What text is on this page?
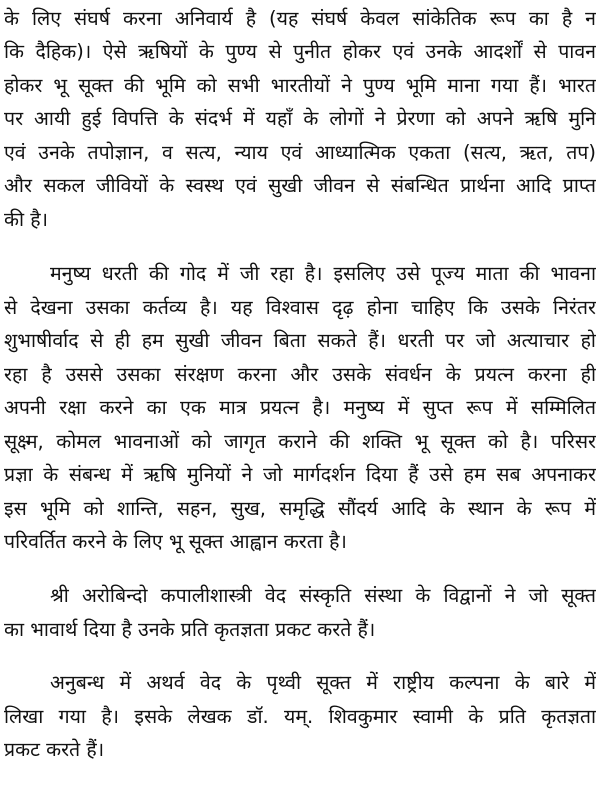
के लिए संघर्ष करना अनिवार्य है (यह संघर्ष केवल सांकेतिक रूप का है न
कि दैहिक)। ऐसे ऋषियों के पुण्य से पुनीत होकर एवं उनके आदर्शों से पावन
होकर भू सूक्त की भूमि को सभी भारतीयों ने पुण्य भूमि माना गया हैं। भारत
पर आयी हुई विपत्ति के संदर्भ में यहाँ के लोगों ने प्रेरणा को अपने ऋषि मुनि
एवं उनके तपोज्ञान, व सत्य, न्याय एवं आध्यात्मिक एकता (सत्य, ऋत, तप)
और सकल जीवियों के स्वस्थ एवं सुखी जीवन से संबन्धित प्रार्थना आदि प्राप्त
की है।
मनुष्य धरती की गोद में जी रहा है। इसलिए उसे पूज्य माता की भावना
से देखना उसका कर्तव्य है। यह विश्वास दृढ़ होना चाहिए कि उसके निरंतर
शुभाषीर्वाद से ही हम सुखी जीवन बिता सकते हैं। धरती पर जो अत्याचार हो
रहा है उससे उसका संरक्षण करना और उसके संवर्धन के प्रयत्न करना ही
अपनी रक्षा करने का एक मात्र प्रयत्न है। मनुष्य में सुप्त रूप में सम्मिलित
सूक्ष्म, कोमल भावनाओं को जागृत कराने की शक्ति भू सूक्त को है। परिसर
प्रज्ञा के संबन्ध में ऋषि मुनियों ने जो मार्गदर्शन दिया हैं उसे हम सब अपनाकर
इस भूमि को शान्ति, सहन, सुख, समृद्धि सौंदर्य आदि के स्थान के रूप में
परिवर्तित करने के लिए भू सूक्त आह्वान करता है।
श्री अरोबिन्दो कपालीशास्त्री वेद संस्कृति संस्था के विद्वानों ने जो सूक्त
का भावार्थ दिया है उनके प्रति कृतज्ञता प्रकट करते हैं।
अनुबन्ध में अथर्व वेद के पृथ्वी सूक्त में राष्ट्रीय कल्पना के बारे में
लिखा गया है। इसके लेखक डॉ. यम्. शिवकुमार स्वामी के प्रति कृतज्ञता
प्रकट करते हैं।
